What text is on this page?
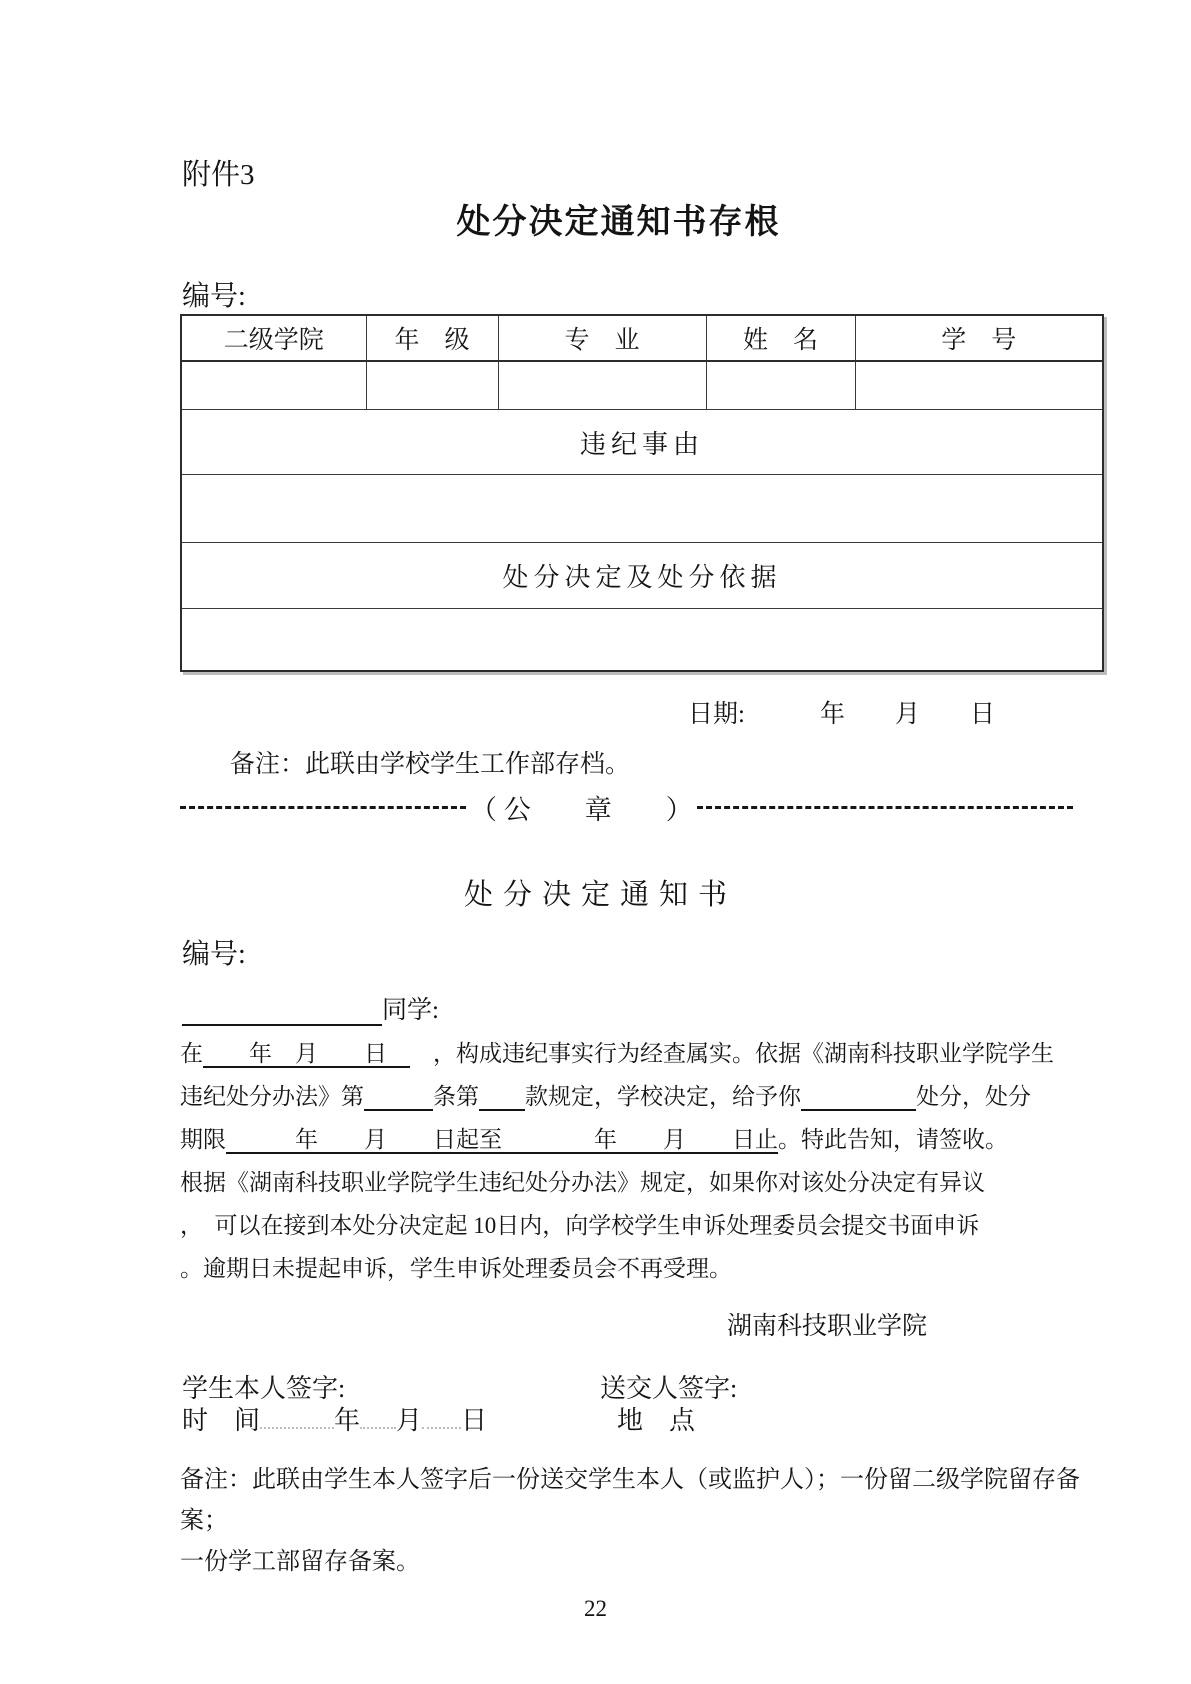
附件3
处分决定通知书存根
编号:
二级学院	年　级	专　业	姓　名	学　号

违纪事由				

处分决定及处分依据				

日期:　　　年　　月　　日
备注：此联由学校学生工作部存档。
（ 公　　章　　）
处分决定通知书
编号:
　　　　　　　　同学:
在　　年　月　　日　　，构成违纪事实行为经查属实。依据《湖南科技职业学院学生
违纪处分办法》第　　　	条第　　 款规定，学校决定，给予你　　　　　	处分，处分
期限　　　年　　月　　日起至　　　　年　　月　　日止。特此告知，请签收。
根据《湖南科技职业学院学生违纪处分办法》规定，如果你对该处分决定有异议
，　可以在接到本处分决定起 10日内，向学校学生申诉处理委员会提交书面申诉
。逾期日未提起申诉，学生申诉处理委员会不再受理。
湖南科技职业学院
学生本人签字:	送交人签字:
时　间	年 月 日	地　点
备注：此联由学生本人签字后一份送交学生本人（或监护人）；一份留二级学院留存备案；
一份学工部留存备案。
22
